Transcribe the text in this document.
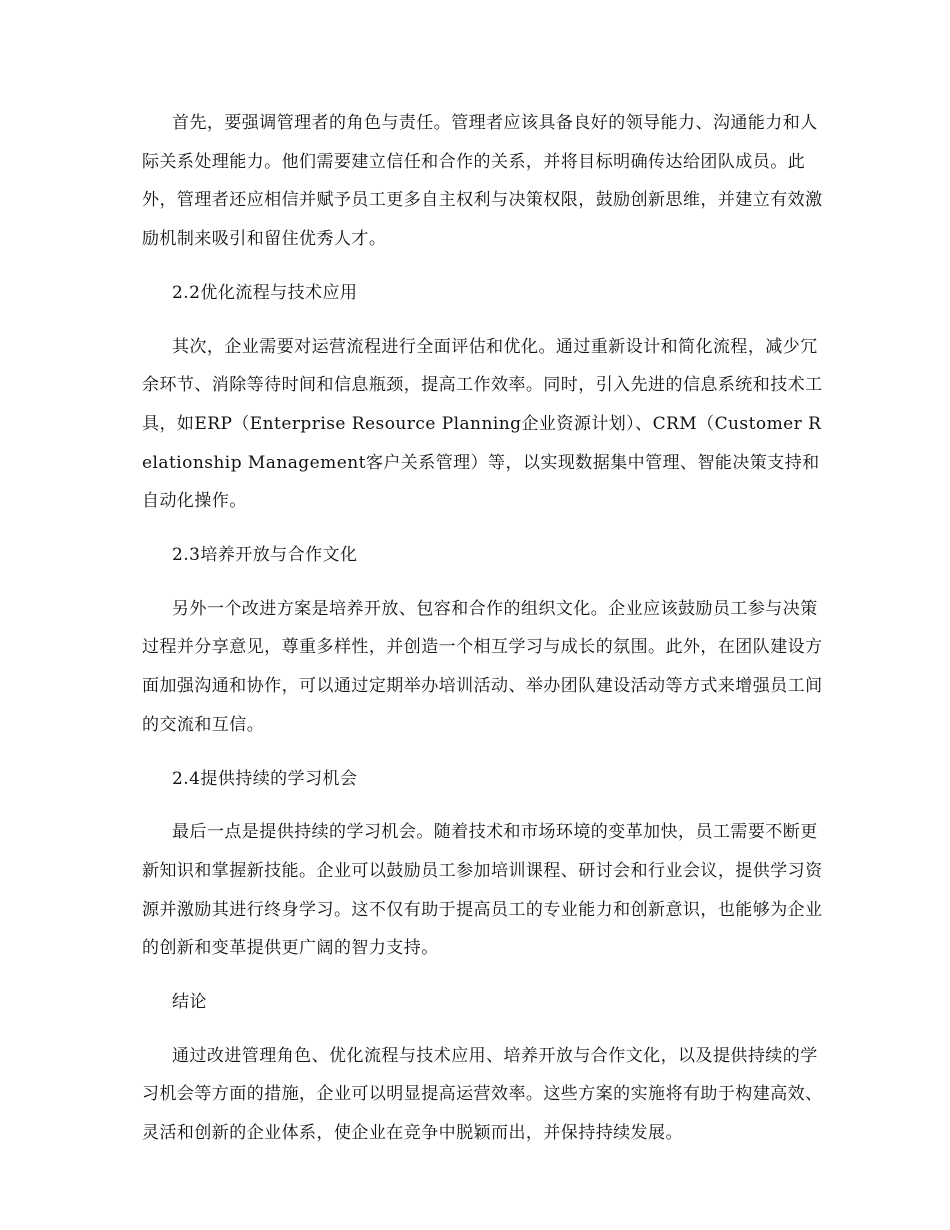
首先，要强调管理者的角色与责任。管理者应该具备良好的领导能力、沟通能力和人际关系处理能力。他们需要建立信任和合作的关系，并将目标明确传达给团队成员。此外，管理者还应相信并赋予员工更多自主权利与决策权限，鼓励创新思维，并建立有效激励机制来吸引和留住优秀人才。

2.2优化流程与技术应用

其次，企业需要对运营流程进行全面评估和优化。通过重新设计和简化流程，减少冗余环节、消除等待时间和信息瓶颈，提高工作效率。同时，引入先进的信息系统和技术工具，如ERP（Enterprise Resource Planning企业资源计划）、CRM（Customer Relationship Management客户关系管理）等，以实现数据集中管理、智能决策支持和自动化操作。

2.3培养开放与合作文化

另外一个改进方案是培养开放、包容和合作的组织文化。企业应该鼓励员工参与决策过程并分享意见，尊重多样性，并创造一个相互学习与成长的氛围。此外，在团队建设方面加强沟通和协作，可以通过定期举办培训活动、举办团队建设活动等方式来增强员工间的交流和互信。

2.4提供持续的学习机会

最后一点是提供持续的学习机会。随着技术和市场环境的变革加快，员工需要不断更新知识和掌握新技能。企业可以鼓励员工参加培训课程、研讨会和行业会议，提供学习资源并激励其进行终身学习。这不仅有助于提高员工的专业能力和创新意识，也能够为企业的创新和变革提供更广阔的智力支持。

结论

通过改进管理角色、优化流程与技术应用、培养开放与合作文化，以及提供持续的学习机会等方面的措施，企业可以明显提高运营效率。这些方案的实施将有助于构建高效、灵活和创新的企业体系，使企业在竞争中脱颖而出，并保持持续发展。
